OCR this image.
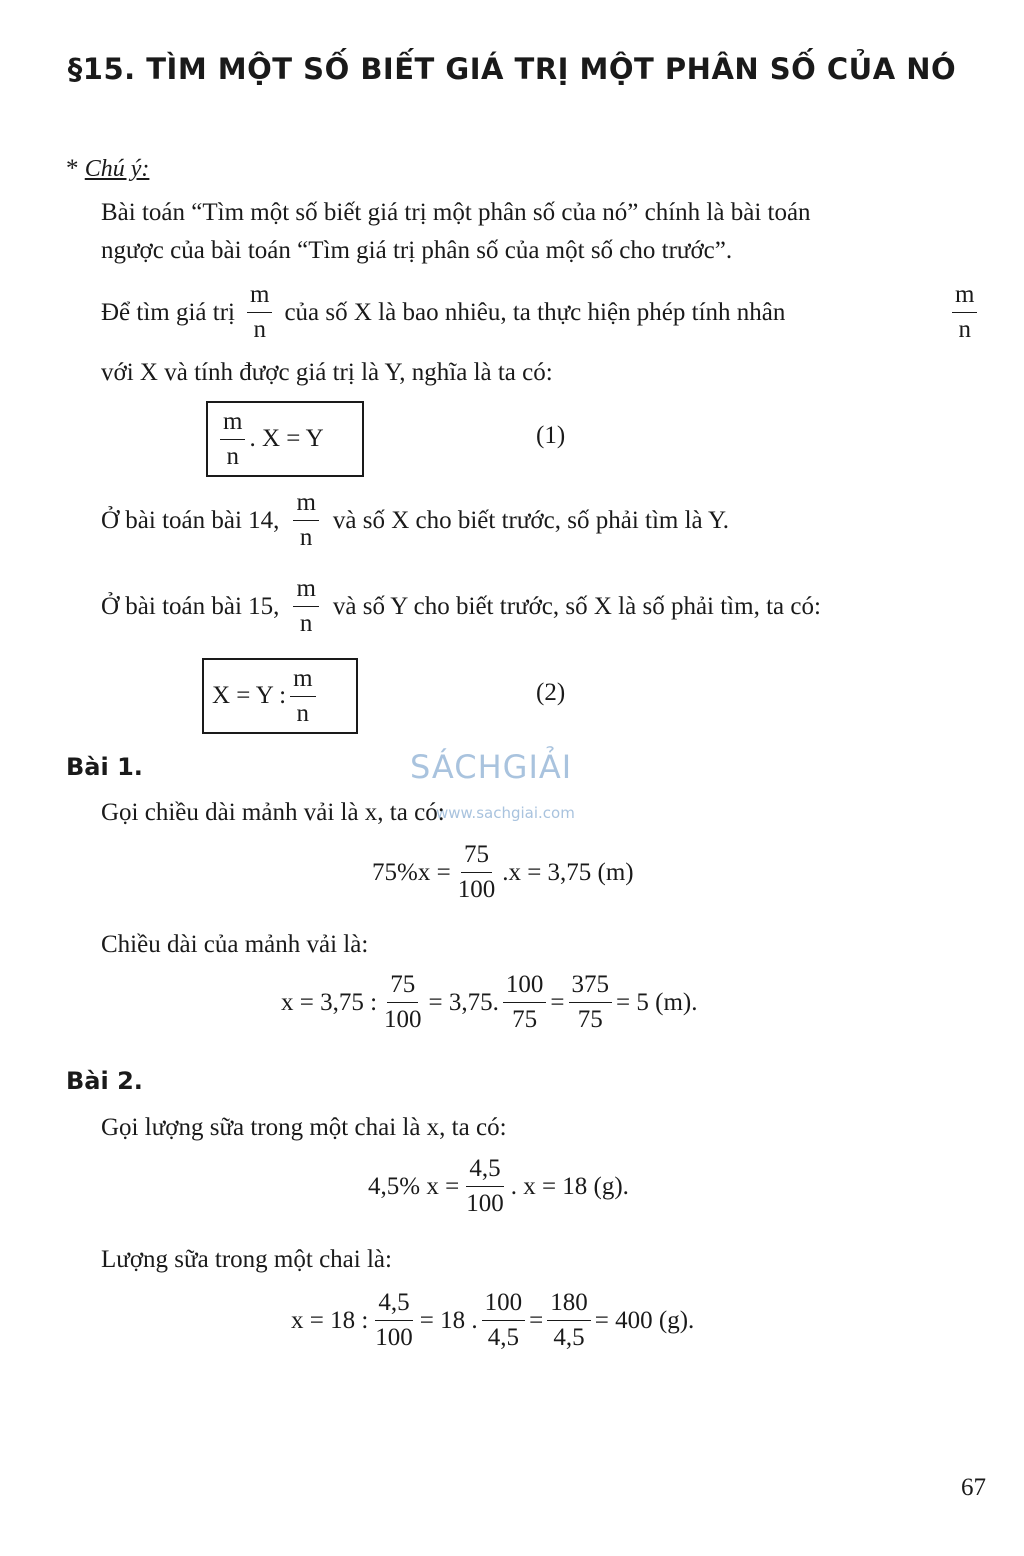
§15. TÌM MỘT SỐ BIẾT GIÁ TRỊ MỘT PHÂN SỐ CỦA NÓ
* Chú ý:
Bài toán “Tìm một số biết giá trị một phân số của nó” chính là bài toán
ngược của bài toán “Tìm giá trị phân số của một số cho trước”.
Để tìm giá trị $\frac{m}{n}$ của số X là bao nhiêu, ta thực hiện phép tính nhân	$\frac{m}{n}$
với X và tính được giá trị là Y, nghĩa là ta có:
$\frac{m}{n}$ . X = Y	(1)
Ở bài toán bài 14, $\frac{m}{n}$ và số X cho biết trước, số phải tìm là Y.
Ở bài toán bài 15, $\frac{m}{n}$ và số Y cho biết trước, số X là số phải tìm, ta có:
X = Y : $\frac{m}{n}$	(2)
SÁCHGIẢI
www.sachgiai.com
Bài 1.
Gọi chiều dài mảnh vải là x, ta có:
$75\%x = \frac{75}{100} .x = 3,75$ (m)
Chiều dài của mảnh vải là:
x = 3,75 : $\frac{75}{100} = 3,75$. $\frac{100}{75} = \frac{375}{75} = 5$ (m).
Bài 2.
Gọi lượng sữa trong một chai là x, ta có:
4,5% $x = \frac{4,5}{100}$ . x = 18 (g).
Lượng sữa trong một chai là:
x = 18 : $\frac{4,5}{100} = 18$ . $\frac{100}{4,5} = \frac{180}{4,5} = 400$ (g).
67
